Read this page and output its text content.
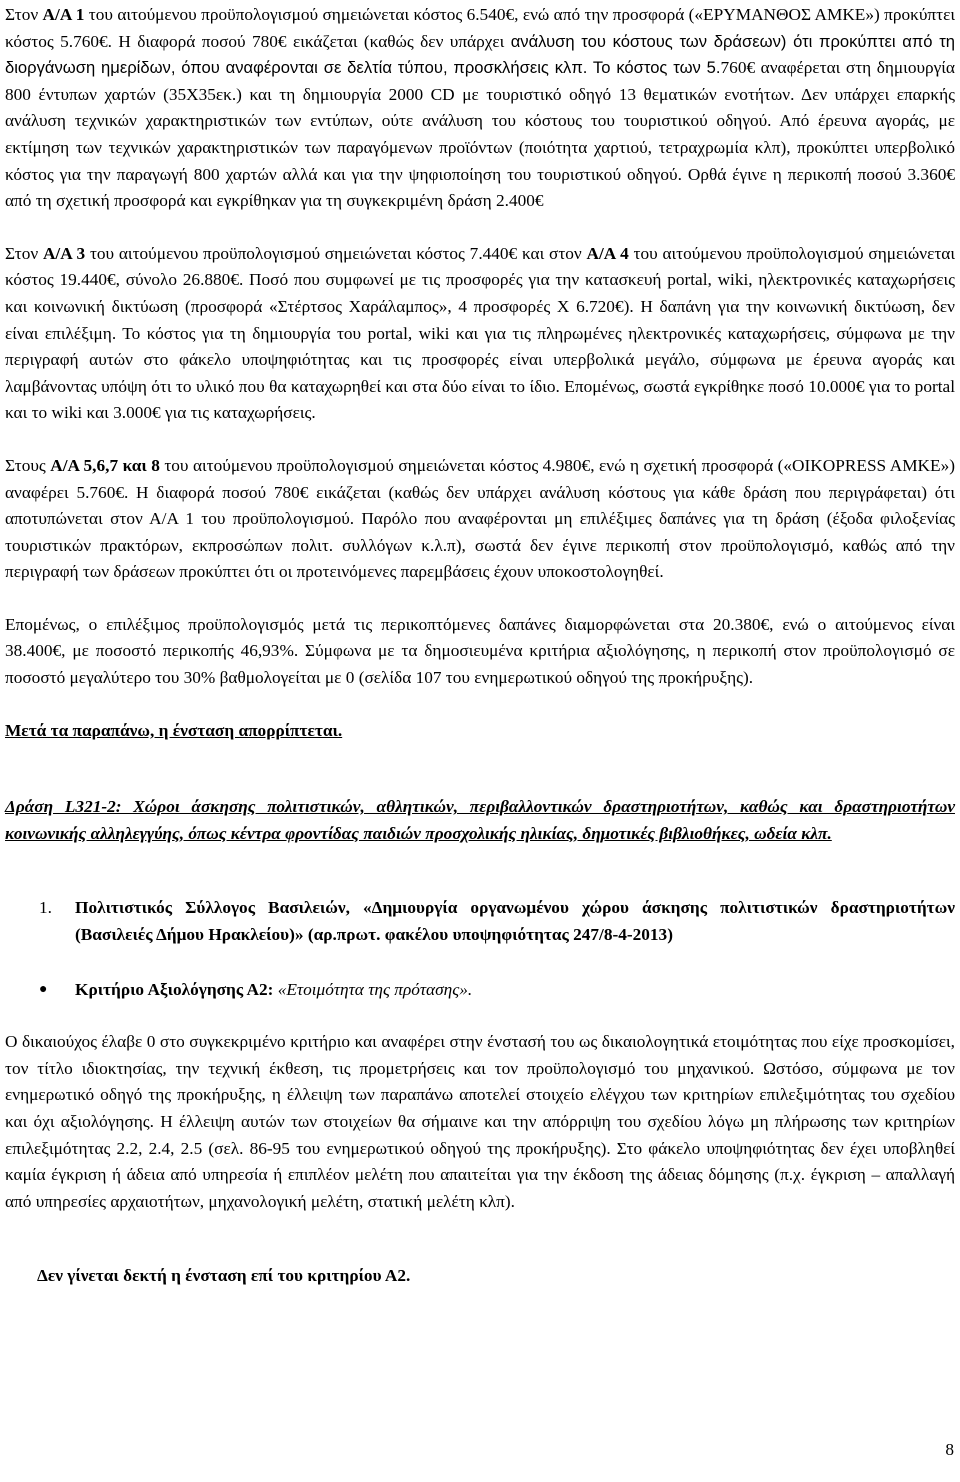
Στον Α/Α 1 του αιτούμενου προϋπολογισμού σημειώνεται κόστος 6.540€, ενώ από την προσφορά («ΕΡΥΜΑΝΘΟΣ ΑΜΚΕ») προκύπτει κόστος 5.760€. Η διαφορά ποσού 780€ εικάζεται (καθώς δεν υπάρχει ανάλυση του κόστους των δράσεων) ότι προκύπτει από τη διοργάνωση ημερίδων, όπου αναφέρονται σε δελτία τύπου, προσκλήσεις κλπ. Το κόστος των 5.760€ αναφέρεται στη δημιουργία 800 έντυπων χαρτών (35Χ35εκ.) και τη δημιουργία 2000 CD με τουριστικό οδηγό 13 θεματικών ενοτήτων. Δεν υπάρχει επαρκής ανάλυση τεχνικών χαρακτηριστικών των εντύπων, ούτε ανάλυση του κόστους του τουριστικού οδηγού. Από έρευνα αγοράς, με εκτίμηση των τεχνικών χαρακτηριστικών των παραγόμενων προϊόντων (ποιότητα χαρτιού, τετραχρωμία κλπ), προκύπτει υπερβολικό κόστος για την παραγωγή 800 χαρτών αλλά και για την ψηφιοποίηση του τουριστικού οδηγού. Ορθά έγινε η περικοπή ποσού 3.360€ από τη σχετική προσφορά και εγκρίθηκαν για τη συγκεκριμένη δράση 2.400€

Στον Α/Α 3 του αιτούμενου προϋπολογισμού σημειώνεται κόστος 7.440€ και στον Α/Α 4 του αιτούμενου προϋπολογισμού σημειώνεται κόστος 19.440€, σύνολο 26.880€. Ποσό που συμφωνεί με τις προσφορές για την κατασκευή portal, wiki, ηλεκτρονικές καταχωρήσεις και κοινωνική δικτύωση (προσφορά «Στέρτσος Χαράλαμπος», 4 προσφορές Χ 6.720€). Η δαπάνη για την κοινωνική δικτύωση, δεν είναι επιλέξιμη. Το κόστος για τη δημιουργία του portal, wiki και για τις πληρωμένες ηλεκτρονικές καταχωρήσεις, σύμφωνα με την περιγραφή αυτών στο φάκελο υποψηφιότητας και τις προσφορές είναι υπερβολικά μεγάλο, σύμφωνα με έρευνα αγοράς και λαμβάνοντας υπόψη ότι το υλικό που θα καταχωρηθεί και στα δύο είναι το ίδιο. Επομένως, σωστά εγκρίθηκε ποσό 10.000€ για το portal και το wiki και 3.000€ για τις καταχωρήσεις.

Στους Α/Α 5,6,7 και 8 του αιτούμενου προϋπολογισμού σημειώνεται κόστος 4.980€, ενώ η σχετική προσφορά («OIKOPRESS AMKE») αναφέρει 5.760€. Η διαφορά ποσού 780€ εικάζεται (καθώς δεν υπάρχει ανάλυση κόστους για κάθε δράση που περιγράφεται) ότι αποτυπώνεται στον Α/Α 1 του προϋπολογισμού. Παρόλο που αναφέρονται μη επιλέξιμες δαπάνες για τη δράση (έξοδα φιλοξενίας τουριστικών πρακτόρων, εκπροσώπων πολιτ. συλλόγων κ.λ.π), σωστά δεν έγινε περικοπή στον προϋπολογισμό, καθώς από την περιγραφή των δράσεων προκύπτει ότι οι προτεινόμενες παρεμβάσεις έχουν υποκοστολογηθεί.

Επομένως, ο επιλέξιμος προϋπολογισμός μετά τις περικοπτόμενες δαπάνες διαμορφώνεται στα 20.380€, ενώ ο αιτούμενος είναι 38.400€, με ποσοστό περικοπής 46,93%. Σύμφωνα με τα δημοσιευμένα κριτήρια αξιολόγησης, η περικοπή στον προϋπολογισμό σε ποσοστό μεγαλύτερο του 30% βαθμολογείται με 0 (σελίδα 107 του ενημερωτικού οδηγού της προκήρυξης).

Μετά τα παραπάνω, η ένσταση απορρίπτεται.

Δράση L321-2: Χώροι άσκησης πολιτιστικών, αθλητικών, περιβαλλοντικών δραστηριοτήτων, καθώς και δραστηριοτήτων κοινωνικής αλληλεγγύης, όπως κέντρα φροντίδας παιδιών προσχολικής ηλικίας, δημοτικές βιβλιοθήκες, ωδεία κλπ.

1.	Πολιτιστικός Σύλλογος Βασιλειών, «Δημιουργία οργανωμένου χώρου άσκησης πολιτιστικών δραστηριοτήτων (Βασιλειές Δήμου Ηρακλείου)» (αρ.πρωτ. φακέλου υποψηφιότητας 247/8-4-2013)
●	Κριτήριο Αξιολόγησης Α2: «Ετοιμότητα της πρότασης».

Ο δικαιούχος έλαβε 0 στο συγκεκριμένο κριτήριο και αναφέρει στην ένστασή του ως δικαιολογητικά ετοιμότητας που είχε προσκομίσει, τον τίτλο ιδιοκτησίας, την τεχνική έκθεση, τις προμετρήσεις και τον προϋπολογισμό του μηχανικού. Ωστόσο, σύμφωνα με τον ενημερωτικό οδηγό της προκήρυξης, η έλλειψη των παραπάνω αποτελεί στοιχείο ελέγχου των κριτηρίων επιλεξιμότητας του σχεδίου και όχι αξιολόγησης. Η έλλειψη αυτών των στοιχείων θα σήμαινε και την απόρριψη του σχεδίου λόγω μη πλήρωσης των κριτηρίων επιλεξιμότητας 2.2, 2.4, 2.5 (σελ. 86-95 του ενημερωτικού οδηγού της προκήρυξης). Στο φάκελο υποψηφιότητας δεν έχει υποβληθεί καμία έγκριση ή άδεια από υπηρεσία ή επιπλέον μελέτη που απαιτείται για την έκδοση της άδειας δόμησης (π.χ. έγκριση – απαλλαγή από υπηρεσίες αρχαιοτήτων, μηχανολογική μελέτη, στατική μελέτη κλπ).

Δεν γίνεται δεκτή η ένσταση επί του κριτηρίου Α2.

8
